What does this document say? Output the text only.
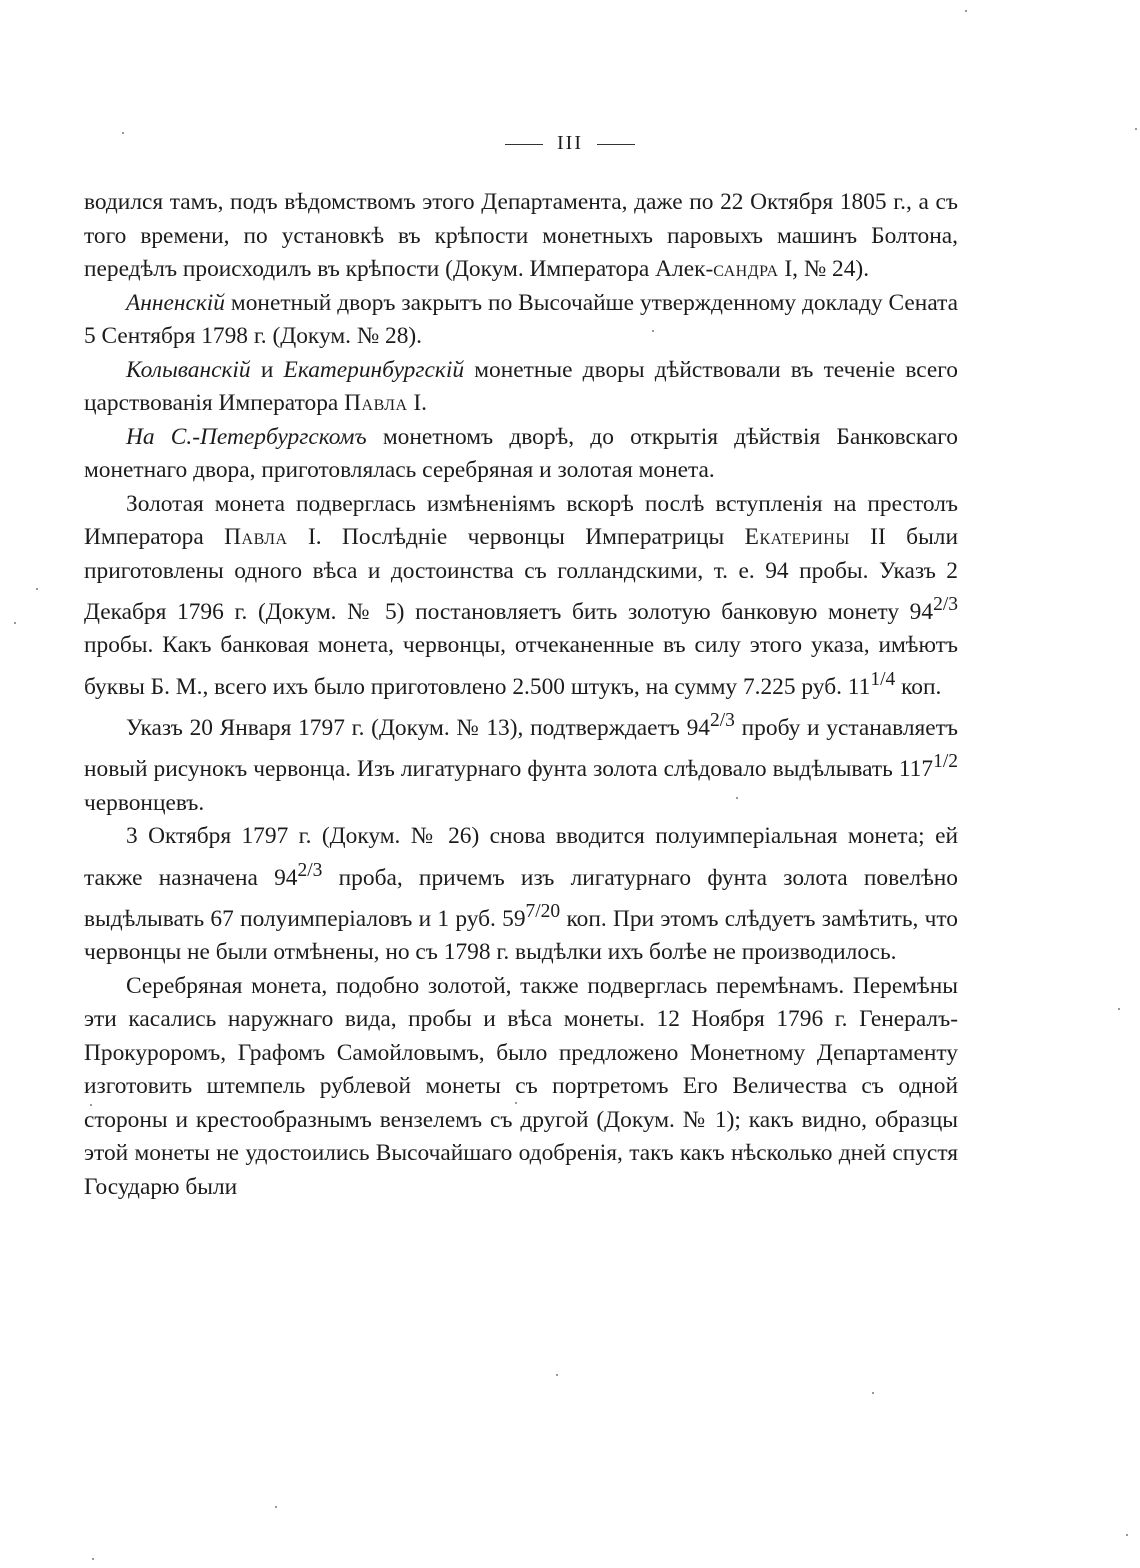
III

водился тамъ, подъ вѣдомствомъ этого Департамента, даже по 22 Октября 1805 г., а съ того времени, по установкѣ въ крѣпости монетныхъ паровыхъ машинъ Болтона, передѣлъ происходилъ въ крѣпости (Докум. Императора Алек-сандра I, № 24).

Анненскій монетный дворъ закрытъ по Высочайше утвержденному докладу Сената 5 Сентября 1798 г. (Докум. № 28).

Колыванскій и Екатеринбургскій монетные дворы дѣйствовали въ теченіе всего царствованія Императора Павла I.

На С.-Петербургскомъ монетномъ дворѣ, до открытія дѣйствія Банковскаго монетнаго двора, приготовлялась серебряная и золотая монета.

Золотая монета подверглась измѣненіямъ вскорѣ послѣ вступленія на престолъ Императора Павла I. Послѣдніе червонцы Императрицы Екатерины II были приготовлены одного вѣса и достоинства съ голландскими, т. е. 94 пробы. Указъ 2 Декабря 1796 г. (Докум. № 5) постановляетъ бить золотую банковую монету $94^{2/3}$ пробы. Какъ банковая монета, червонцы, отчеканенные въ силу этого указа, имѣютъ буквы Б. М., всего ихъ было приготовлено 2.500 штукъ, на сумму 7.225 руб. $11^{1/4}$ коп.

Указъ 20 Января 1797 г. (Докум. № 13), подтверждаетъ $94^{2/3}$ пробу и устанавляетъ новый рисунокъ червонца. Изъ лигатурнаго фунта золота слѣдовало выдѣлывать $117^{1/2}$ червонцевъ.

3 Октября 1797 г. (Докум. № 26) снова вводится полуимперіальная монета; ей также назначена $94^{2/3}$ проба, причемъ изъ лигатурнаго фунта золота повелѣно выдѣлывать 67 полуимперіаловъ и 1 руб. $59^{7/20}$ коп. При этомъ слѣдуетъ замѣтить, что червонцы не были отмѣнены, но съ 1798 г. выдѣлки ихъ болѣе не производилось.

Серебряная монета, подобно золотой, также подверглась перемѣнамъ. Перемѣны эти касались наружнаго вида, пробы и вѣса монеты. 12 Ноября 1796 г. Генералъ-Прокуроромъ, Графомъ Самойловымъ, было предложено Монетному Департаменту изготовить штемпель рублевой монеты съ портретомъ Его Величества съ одной стороны и крестообразнымъ вензелемъ съ другой (Докум. № 1); какъ видно, образцы этой монеты не удостоились Высочайшаго одобренія, такъ какъ нѣсколько дней спустя Государю были
